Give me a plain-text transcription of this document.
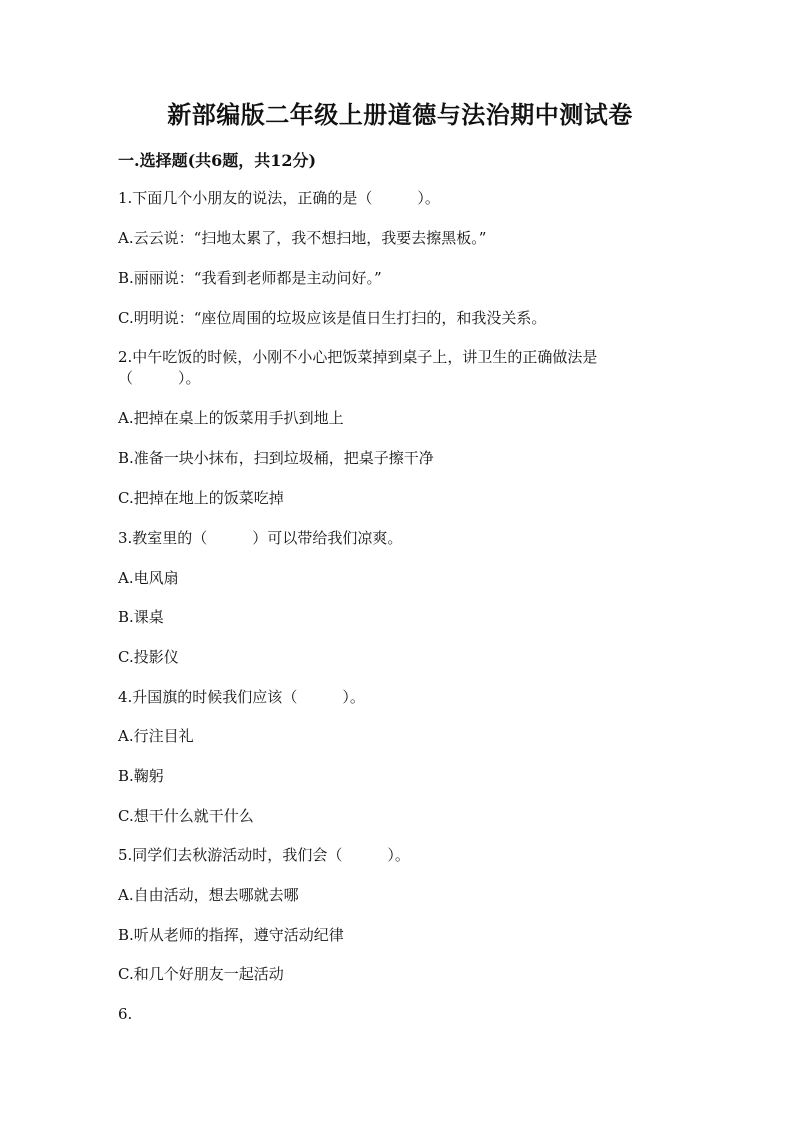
新部编版二年级上册道德与法治期中测试卷
一.选择题(共6题，共12分)
1.下面几个小朋友的说法，正确的是（　　　）。
A.云云说：“扫地太累了，我不想扫地，我要去擦黑板。”
B.丽丽说：“我看到老师都是主动问好。”
C.明明说：“座位周围的垃圾应该是值日生打扫的，和我没关系。
2.中午吃饭的时候，小刚不小心把饭菜掉到桌子上，讲卫生的正确做法是
（　　　）。
A.把掉在桌上的饭菜用手扒到地上
B.准备一块小抹布，扫到垃圾桶，把桌子擦干净
C.把掉在地上的饭菜吃掉
3.教室里的（　　　）可以带给我们凉爽。
A.电风扇
B.课桌
C.投影仪
4.升国旗的时候我们应该（　　　）。
A.行注目礼
B.鞠躬
C.想干什么就干什么
5.同学们去秋游活动时，我们会（　　　）。
A.自由活动，想去哪就去哪
B.听从老师的指挥，遵守活动纪律
C.和几个好朋友一起活动
6.
